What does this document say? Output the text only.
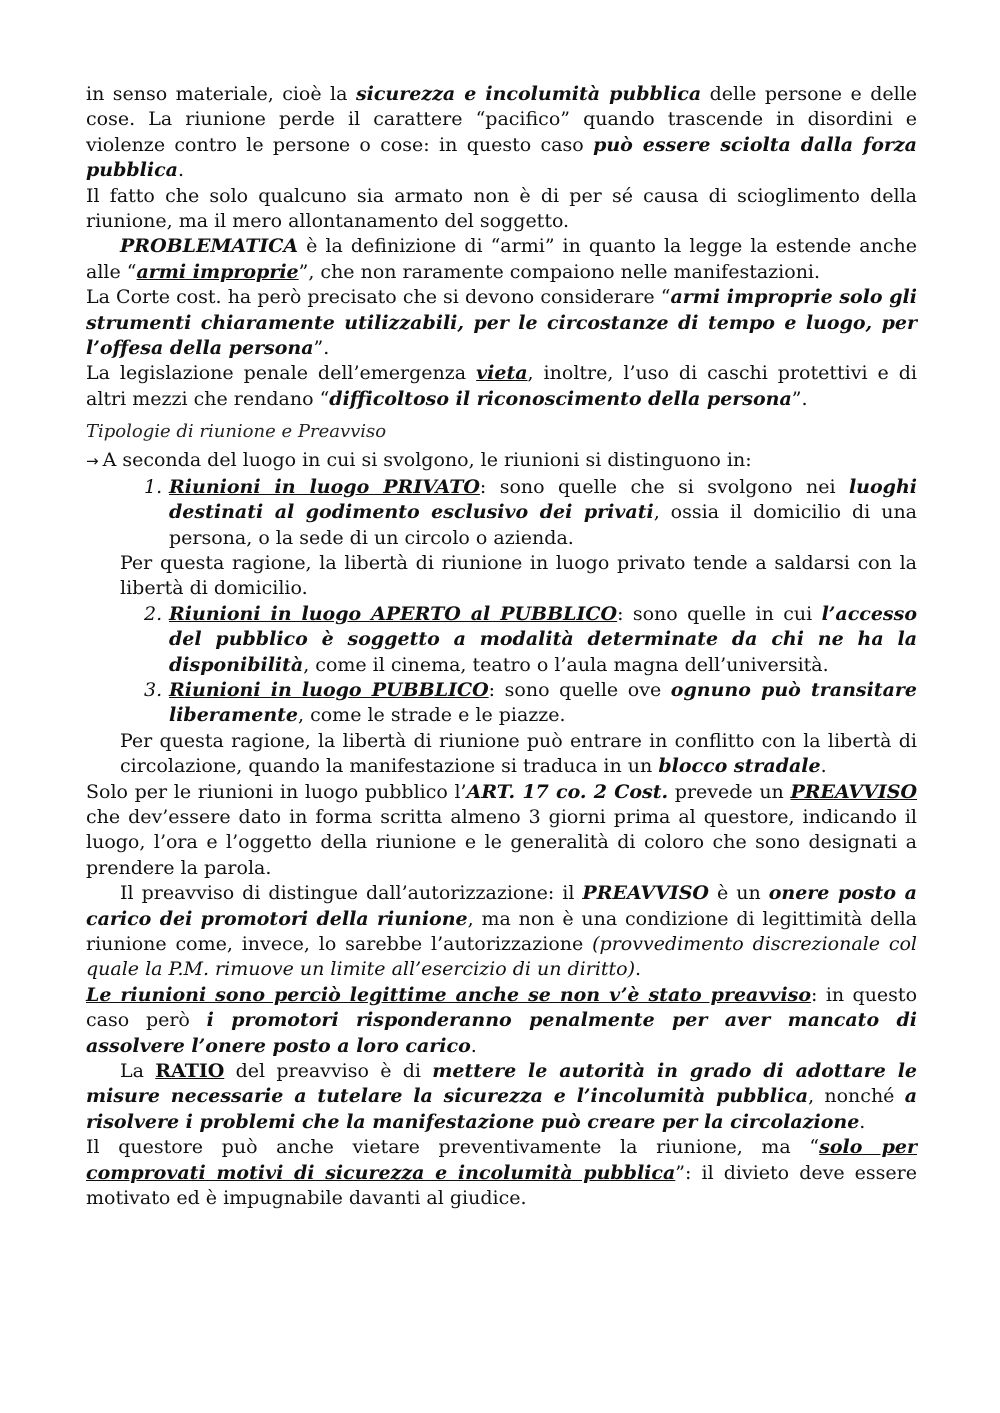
in senso materiale, cioè la sicurezza e incolumità pubblica delle persone e delle cose. La riunione perde il carattere “pacifico” quando trascende in disordini e violenze contro le persone o cose: in questo caso può essere sciolta dalla forza pubblica.

Il fatto che solo qualcuno sia armato non è di per sé causa di scioglimento della riunione, ma il mero allontanamento del soggetto.

PROBLEMATICA è la definizione di “armi” in quanto la legge la estende anche alle “armi improprie”, che non raramente compaiono nelle manifestazioni.

La Corte cost. ha però precisato che si devono considerare “armi improprie solo gli strumenti chiaramente utilizzabili, per le circostanze di tempo e luogo, per l’offesa della persona”.

La legislazione penale dell’emergenza vieta, inoltre, l’uso di caschi protettivi e di altri mezzi che rendano “difficoltoso il riconoscimento della persona”.

Tipologie di riunione e Preavviso

→ A seconda del luogo in cui si svolgono, le riunioni si distinguono in:

1. Riunioni in luogo PRIVATO: sono quelle che si svolgono nei luoghi destinati al godimento esclusivo dei privati, ossia il domicilio di una persona, o la sede di un circolo o azienda.

Per questa ragione, la libertà di riunione in luogo privato tende a saldarsi con la libertà di domicilio.

2. Riunioni in luogo APERTO al PUBBLICO: sono quelle in cui l’accesso del pubblico è soggetto a modalità determinate da chi ne ha la disponibilità, come il cinema, teatro o l’aula magna dell’università.
3. Riunioni in luogo PUBBLICO: sono quelle ove ognuno può transitare liberamente, come le strade e le piazze.

Per questa ragione, la libertà di riunione può entrare in conflitto con la libertà di circolazione, quando la manifestazione si traduca in un blocco stradale.

Solo per le riunioni in luogo pubblico l’ART. 17 co. 2 Cost. prevede un PREAVVISO che dev’essere dato in forma scritta almeno 3 giorni prima al questore, indicando il luogo, l’ora e l’oggetto della riunione e le generalità di coloro che sono designati a prendere la parola.

Il preavviso di distingue dall’autorizzazione: il PREAVVISO è un onere posto a carico dei promotori della riunione, ma non è una condizione di legittimità della riunione come, invece, lo sarebbe l’autorizzazione (provvedimento discrezionale col quale la P.M. rimuove un limite all’esercizio di un diritto).

Le riunioni sono perciò legittime anche se non v’è stato preavviso: in questo caso però i promotori risponderanno penalmente per aver mancato di assolvere l’onere posto a loro carico.

La RATIO del preavviso è di mettere le autorità in grado di adottare le misure necessarie a tutelare la sicurezza e l’incolumità pubblica, nonché a risolvere i problemi che la manifestazione può creare per la circolazione.

Il questore può anche vietare preventivamente la riunione, ma “solo per comprovati motivi di sicurezza e incolumità pubblica”: il divieto deve essere motivato ed è impugnabile davanti al giudice.
